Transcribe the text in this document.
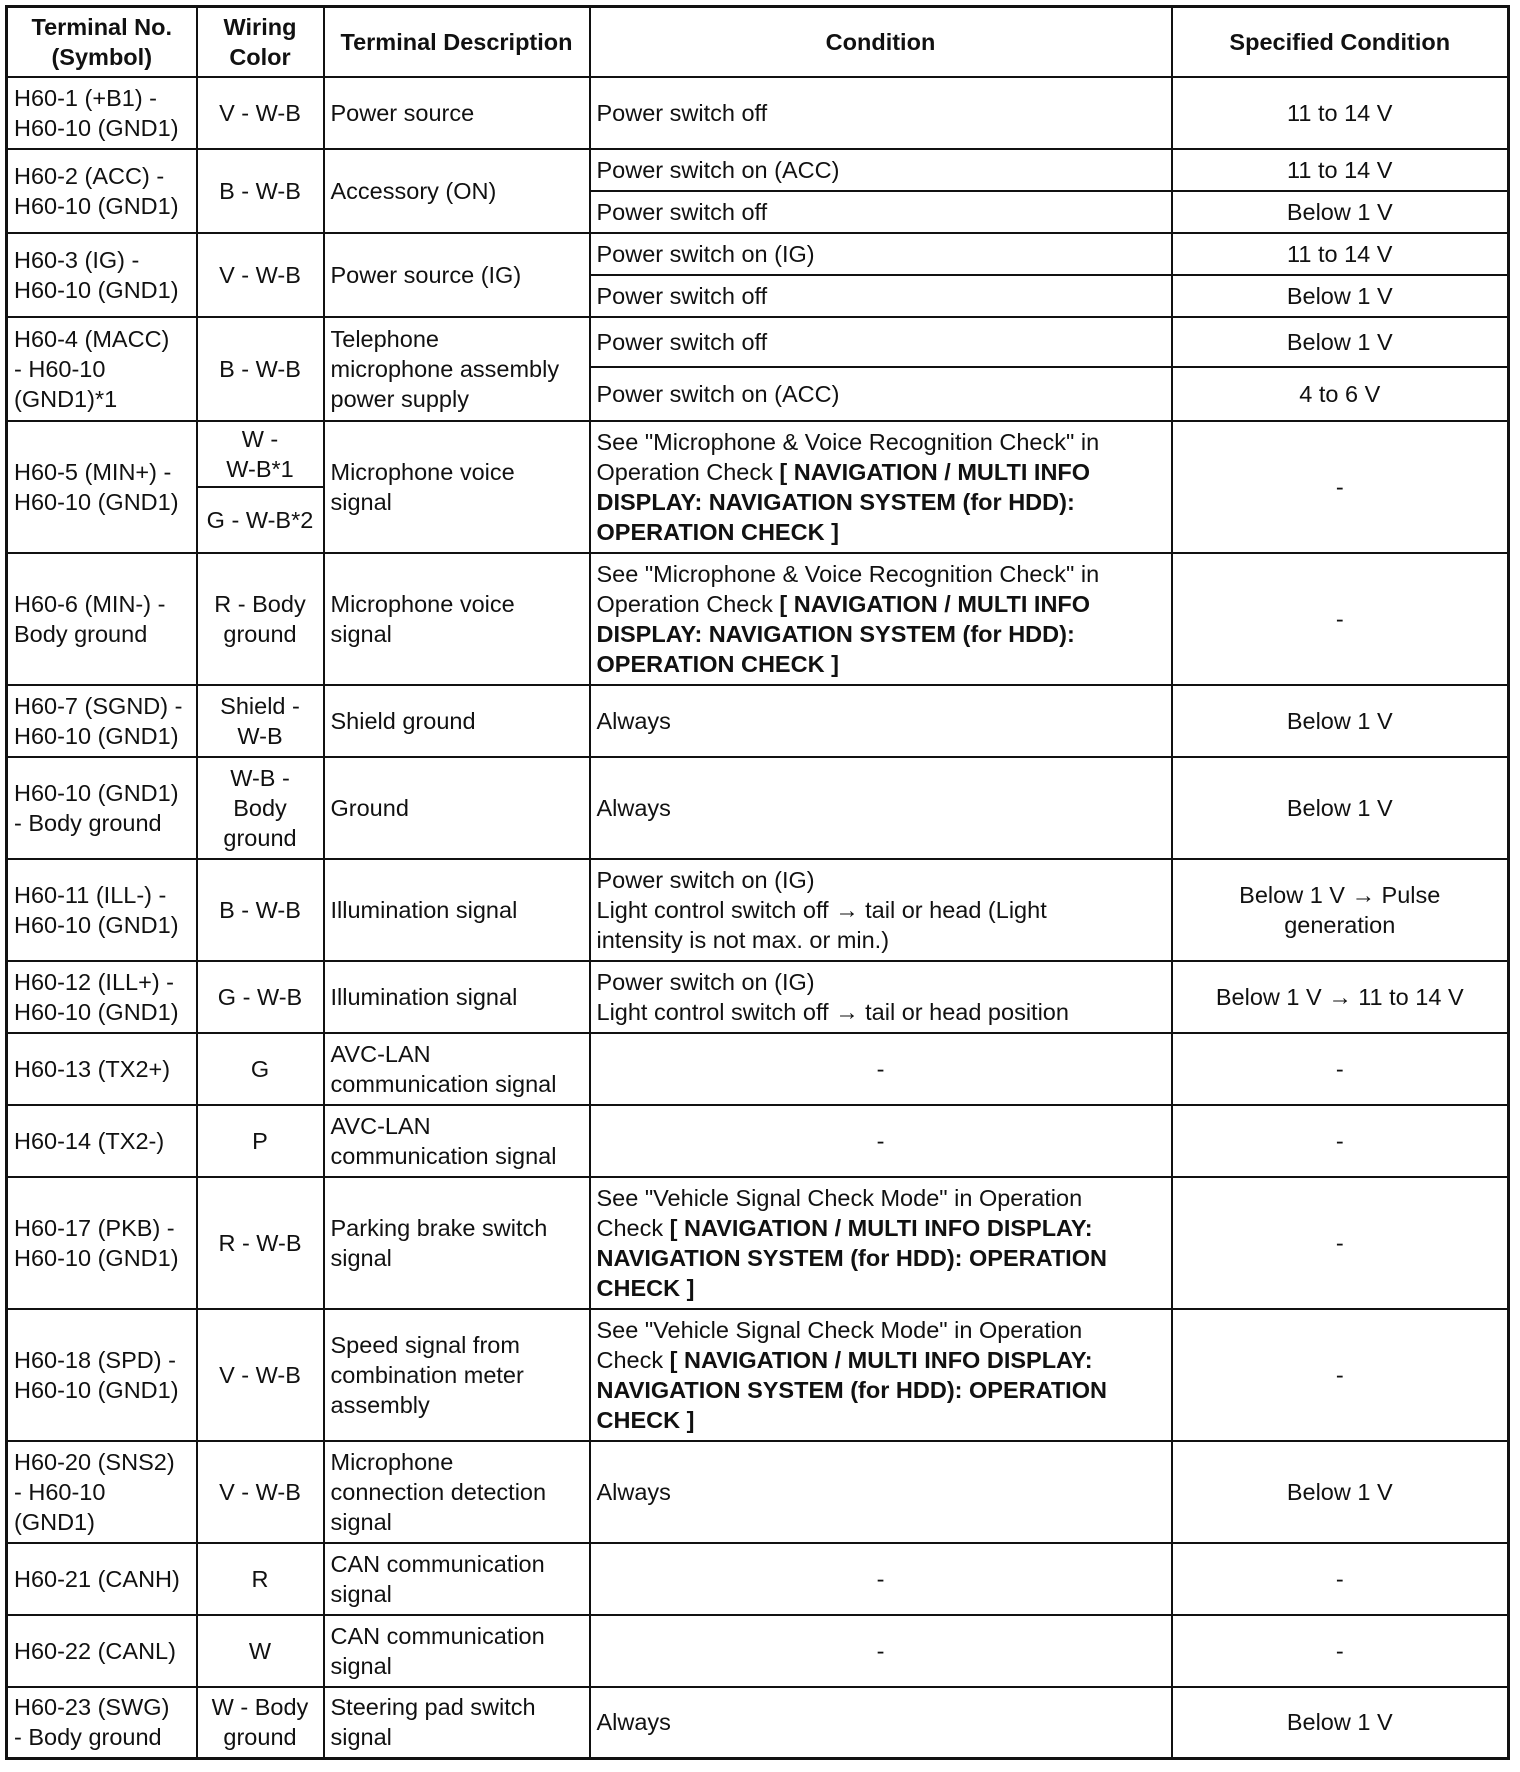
Terminal No.
(Symbol)	Wiring
Color	Terminal Description	Condition	Specified Condition
H60-1 (+B1) -
H60-10 (GND1)	V - W-B	Power source	Power switch off	11 to 14 V
H60-2 (ACC) -
H60-10 (GND1)	B - W-B	Accessory (ON)	Power switch on (ACC)	11 to 14 V
			Power switch off	Below 1 V
H60-3 (IG) -
H60-10 (GND1)	V - W-B	Power source (IG)	Power switch on (IG)	11 to 14 V
			Power switch off	Below 1 V
H60-4 (MACC)
- H60-10
(GND1)*1	B - W-B	Telephone
microphone assembly
power supply	Power switch off	Below 1 V
			Power switch on (ACC)	4 to 6 V
H60-5 (MIN+) -
H60-10 (GND1)	W -
W-B*1	Microphone voice
signal	See "Microphone & Voice Recognition Check" in
Operation Check [ NAVIGATION / MULTI INFO
DISPLAY: NAVIGATION SYSTEM (for HDD):
OPERATION CHECK ]	-
	G - W-B*2			
H60-6 (MIN-) -
Body ground	R - Body
ground	Microphone voice
signal	See "Microphone & Voice Recognition Check" in
Operation Check [ NAVIGATION / MULTI INFO
DISPLAY: NAVIGATION SYSTEM (for HDD):
OPERATION CHECK ]	-
H60-7 (SGND) -
H60-10 (GND1)	Shield -
W-B	Shield ground	Always	Below 1 V
H60-10 (GND1)
- Body ground	W-B -
Body
ground	Ground	Always	Below 1 V
H60-11 (ILL-) -
H60-10 (GND1)	B - W-B	Illumination signal	Power switch on (IG)
Light control switch off → tail or head (Light
intensity is not max. or min.)	Below 1 V → Pulse
generation
H60-12 (ILL+) -
H60-10 (GND1)	G - W-B	Illumination signal	Power switch on (IG)
Light control switch off → tail or head position	Below 1 V → 11 to 14 V
H60-13 (TX2+)	G	AVC-LAN
communication signal	-	-
H60-14 (TX2-)	P	AVC-LAN
communication signal	-	-
H60-17 (PKB) -
H60-10 (GND1)	R - W-B	Parking brake switch
signal	See "Vehicle Signal Check Mode" in Operation
Check [ NAVIGATION / MULTI INFO DISPLAY:
NAVIGATION SYSTEM (for HDD): OPERATION
CHECK ]	-
H60-18 (SPD) -
H60-10 (GND1)	V - W-B	Speed signal from
combination meter
assembly	See "Vehicle Signal Check Mode" in Operation
Check [ NAVIGATION / MULTI INFO DISPLAY:
NAVIGATION SYSTEM (for HDD): OPERATION
CHECK ]	-
H60-20 (SNS2)
- H60-10
(GND1)	V - W-B	Microphone
connection detection
signal	Always	Below 1 V
H60-21 (CANH)	R	CAN communication
signal	-	-
H60-22 (CANL)	W	CAN communication
signal	-	-
H60-23 (SWG)
- Body ground	W - Body
ground	Steering pad switch
signal	Always	Below 1 V
